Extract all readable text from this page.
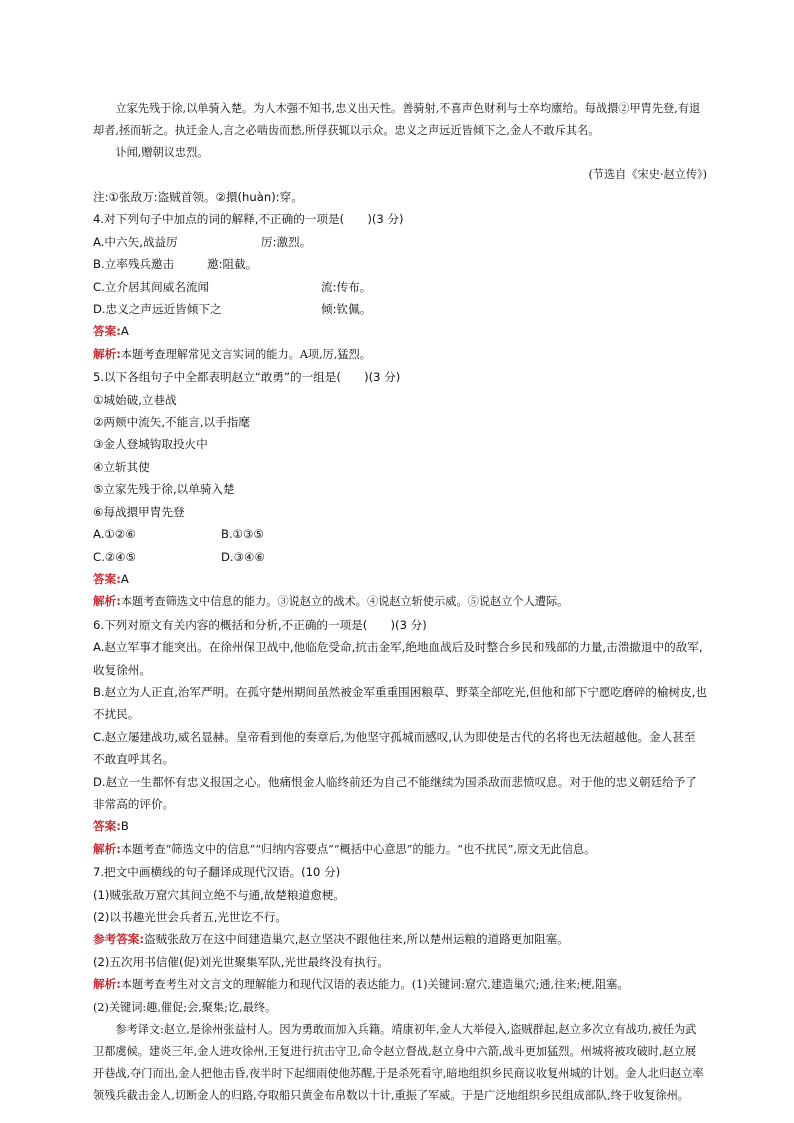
立家先残于徐,以单骑入楚。为人木强不知书,忠义出天性。善骑射,不喜声色财利与士卒均廪给。每战擐②甲胄先登,有退却者,拯而斩之。执迁金人,言之必啮齿而愁,所俘获辄以示众。忠义之声远近皆倾下之,金人不敢斥其名。

讣闻,赠朝议忠烈。

(节选自《宋史·赵立传》)

注:①张敌万:盗贼首领。②擐(huàn):穿。

4.对下列句子中加点的词的解释,不正确的一项是(　　)(3 分)

A.中六矢,战益厉	厉:激烈。
B.立率残兵邀击	邀:阻截。
C.立介居其间威名流闻	流:传布。
D.忠义之声远近皆倾下之	倾:钦佩。

答案:A

解析:本题考查理解常见文言实词的能力。A项,厉,猛烈。

5.以下各组句子中全都表明赵立“敢勇”的一组是(　　)(3 分)

①城始破,立巷战

②两颊中流矢,不能言,以手指麾

③金人登城钩取投火中

④立斩其使

⑤立家先残于徐,以单骑入楚

⑥每战擐甲胄先登

A.①②⑥	B.①③⑤
C.②④⑤	D.③④⑥

答案:A

解析:本题考查筛选文中信息的能力。③说赵立的战术。④说赵立斩使示威。⑤说赵立个人遭际。

6.下列对原文有关内容的概括和分析,不正确的一项是(　　)(3 分)

A.赵立军事才能突出。在徐州保卫战中,他临危受命,抗击金军,绝地血战后及时整合乡民和残部的力量,击溃撤退中的敌军,收复徐州。

B.赵立为人正直,治军严明。在孤守楚州期间虽然被金军重重围困粮草、野菜全部吃光,但他和部下宁愿吃磨碎的榆树皮,也不扰民。

C.赵立屡建战功,威名显赫。皇帝看到他的奏章后,为他坚守孤城而感叹,认为即使是古代的名将也无法超越他。金人甚至不敢直呼其名。

D.赵立一生都怀有忠义报国之心。他痛恨金人临终前还为自己不能继续为国杀敌而悲愤叹息。对于他的忠义朝廷给予了非常高的评价。

答案:B

解析:本题考查“筛选文中的信息”“归纳内容要点”“概括中心意思”的能力。“也不扰民”,原文无此信息。

7.把文中画横线的句子翻译成现代汉语。(10 分)

(1)贼张敌万窟穴其间立绝不与通,故楚粮道愈梗。

(2)以书趣光世会兵者五,光世讫不行。

参考答案:盗贼张敌万在这中间建造巢穴,赵立坚决不跟他往来,所以楚州运粮的道路更加阻塞。

(2)五次用书信催(促)刘光世聚集军队,光世最终没有执行。

解析:本题考查考生对文言文的理解能力和现代汉语的表达能力。(1)关键词:窟穴,建造巢穴;通,往来;梗,阻塞。

(2)关键词:趣,催促;会,聚集;讫,最终。

参考译文:赵立,是徐州张益村人。因为勇敢而加入兵籍。靖康初年,金人大举侵入,盗贼群起,赵立多次立有战功,被任为武卫都虞候。建炎三年,金人进攻徐州,王复进行抗击守卫,命令赵立督战,赵立身中六箭,战斗更加猛烈。州城将被攻破时,赵立展开巷战,夺门而出,金人把他击昏,夜半时下起细雨使他苏醒,于是杀死看守,暗地组织乡民商议收复州城的计划。金人北归赵立率领残兵截击金人,切断金人的归路,夺取船只黄金布帛数以十计,重振了军威。于是广泛地组织乡民组成部队,终于收复徐州。
